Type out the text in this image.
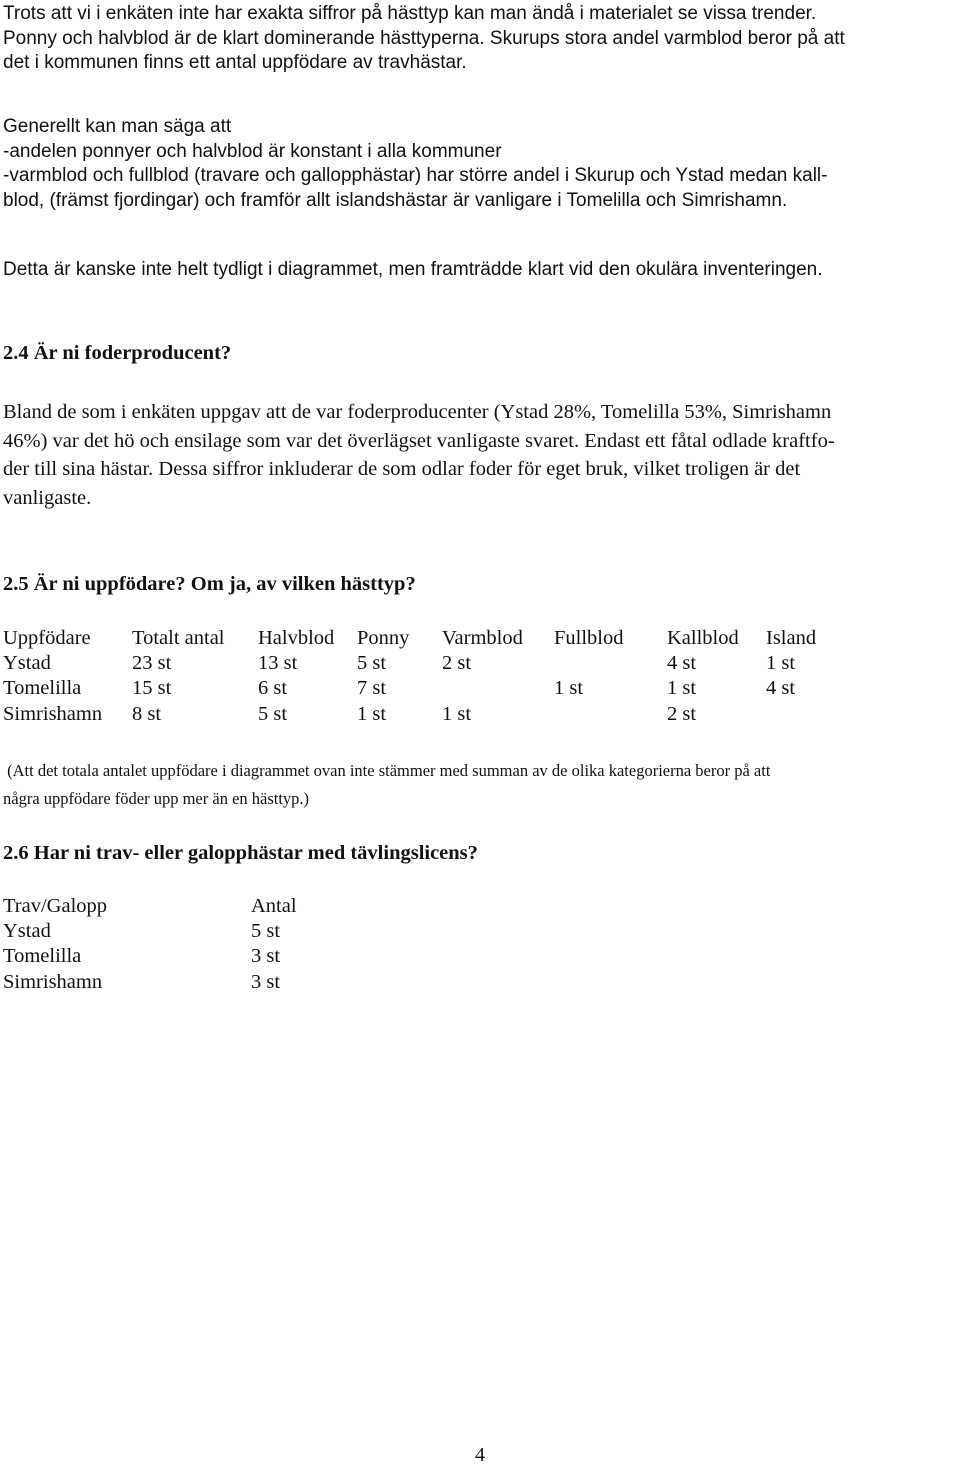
Trots att vi i enkäten inte har exakta siffror på hästtyp kan man ändå i materialet se vissa trender.
Ponny och halvblod är de klart dominerande hästtyperna. Skurups stora andel varmblod beror på att
det i kommunen finns ett antal uppfödare av travhästar.

Generellt kan man säga att
-andelen ponnyer och halvblod är konstant i alla kommuner
-varmblod och fullblod (travare och gallopphästar) har större andel i Skurup och Ystad medan kall-
blod, (främst fjordingar) och framför allt islandshästar är vanligare i Tomelilla och Simrishamn.

Detta är kanske inte helt tydligt i diagrammet, men framträdde klart vid den okulära inventeringen.

2.4 Är ni foderproducent?

Bland de som i enkäten uppgav att de var foderproducenter (Ystad 28%, Tomelilla 53%, Simrishamn
46%) var det hö och ensilage som var det överlägset vanligaste svaret. Endast ett fåtal odlade kraftfo-
der till sina hästar. Dessa siffror inkluderar de som odlar foder för eget bruk, vilket troligen är det
vanligaste.

2.5 Är ni uppfödare? Om ja, av vilken hästtyp?
Uppfödare	Totalt antal	Halvblod	Ponny	Varmblod	Fullblod	Kallblod	Island
Ystad	23 st	13 st	5 st	2 st		4 st	1 st
Tomelilla	15 st	6 st	7 st		1 st	1 st	4 st
Simrishamn	8 st	5 st	1 st	1 st		2 st	

(Att det totala antalet uppfödare i diagrammet ovan inte stämmer med summan av de olika kategorierna beror på att
några uppfödare föder upp mer än en hästtyp.)

2.6 Har ni trav- eller galopphästar med tävlingslicens?
Trav/Galopp	Antal
Ystad	5 st
Tomelilla	3 st
Simrishamn	3 st
4
